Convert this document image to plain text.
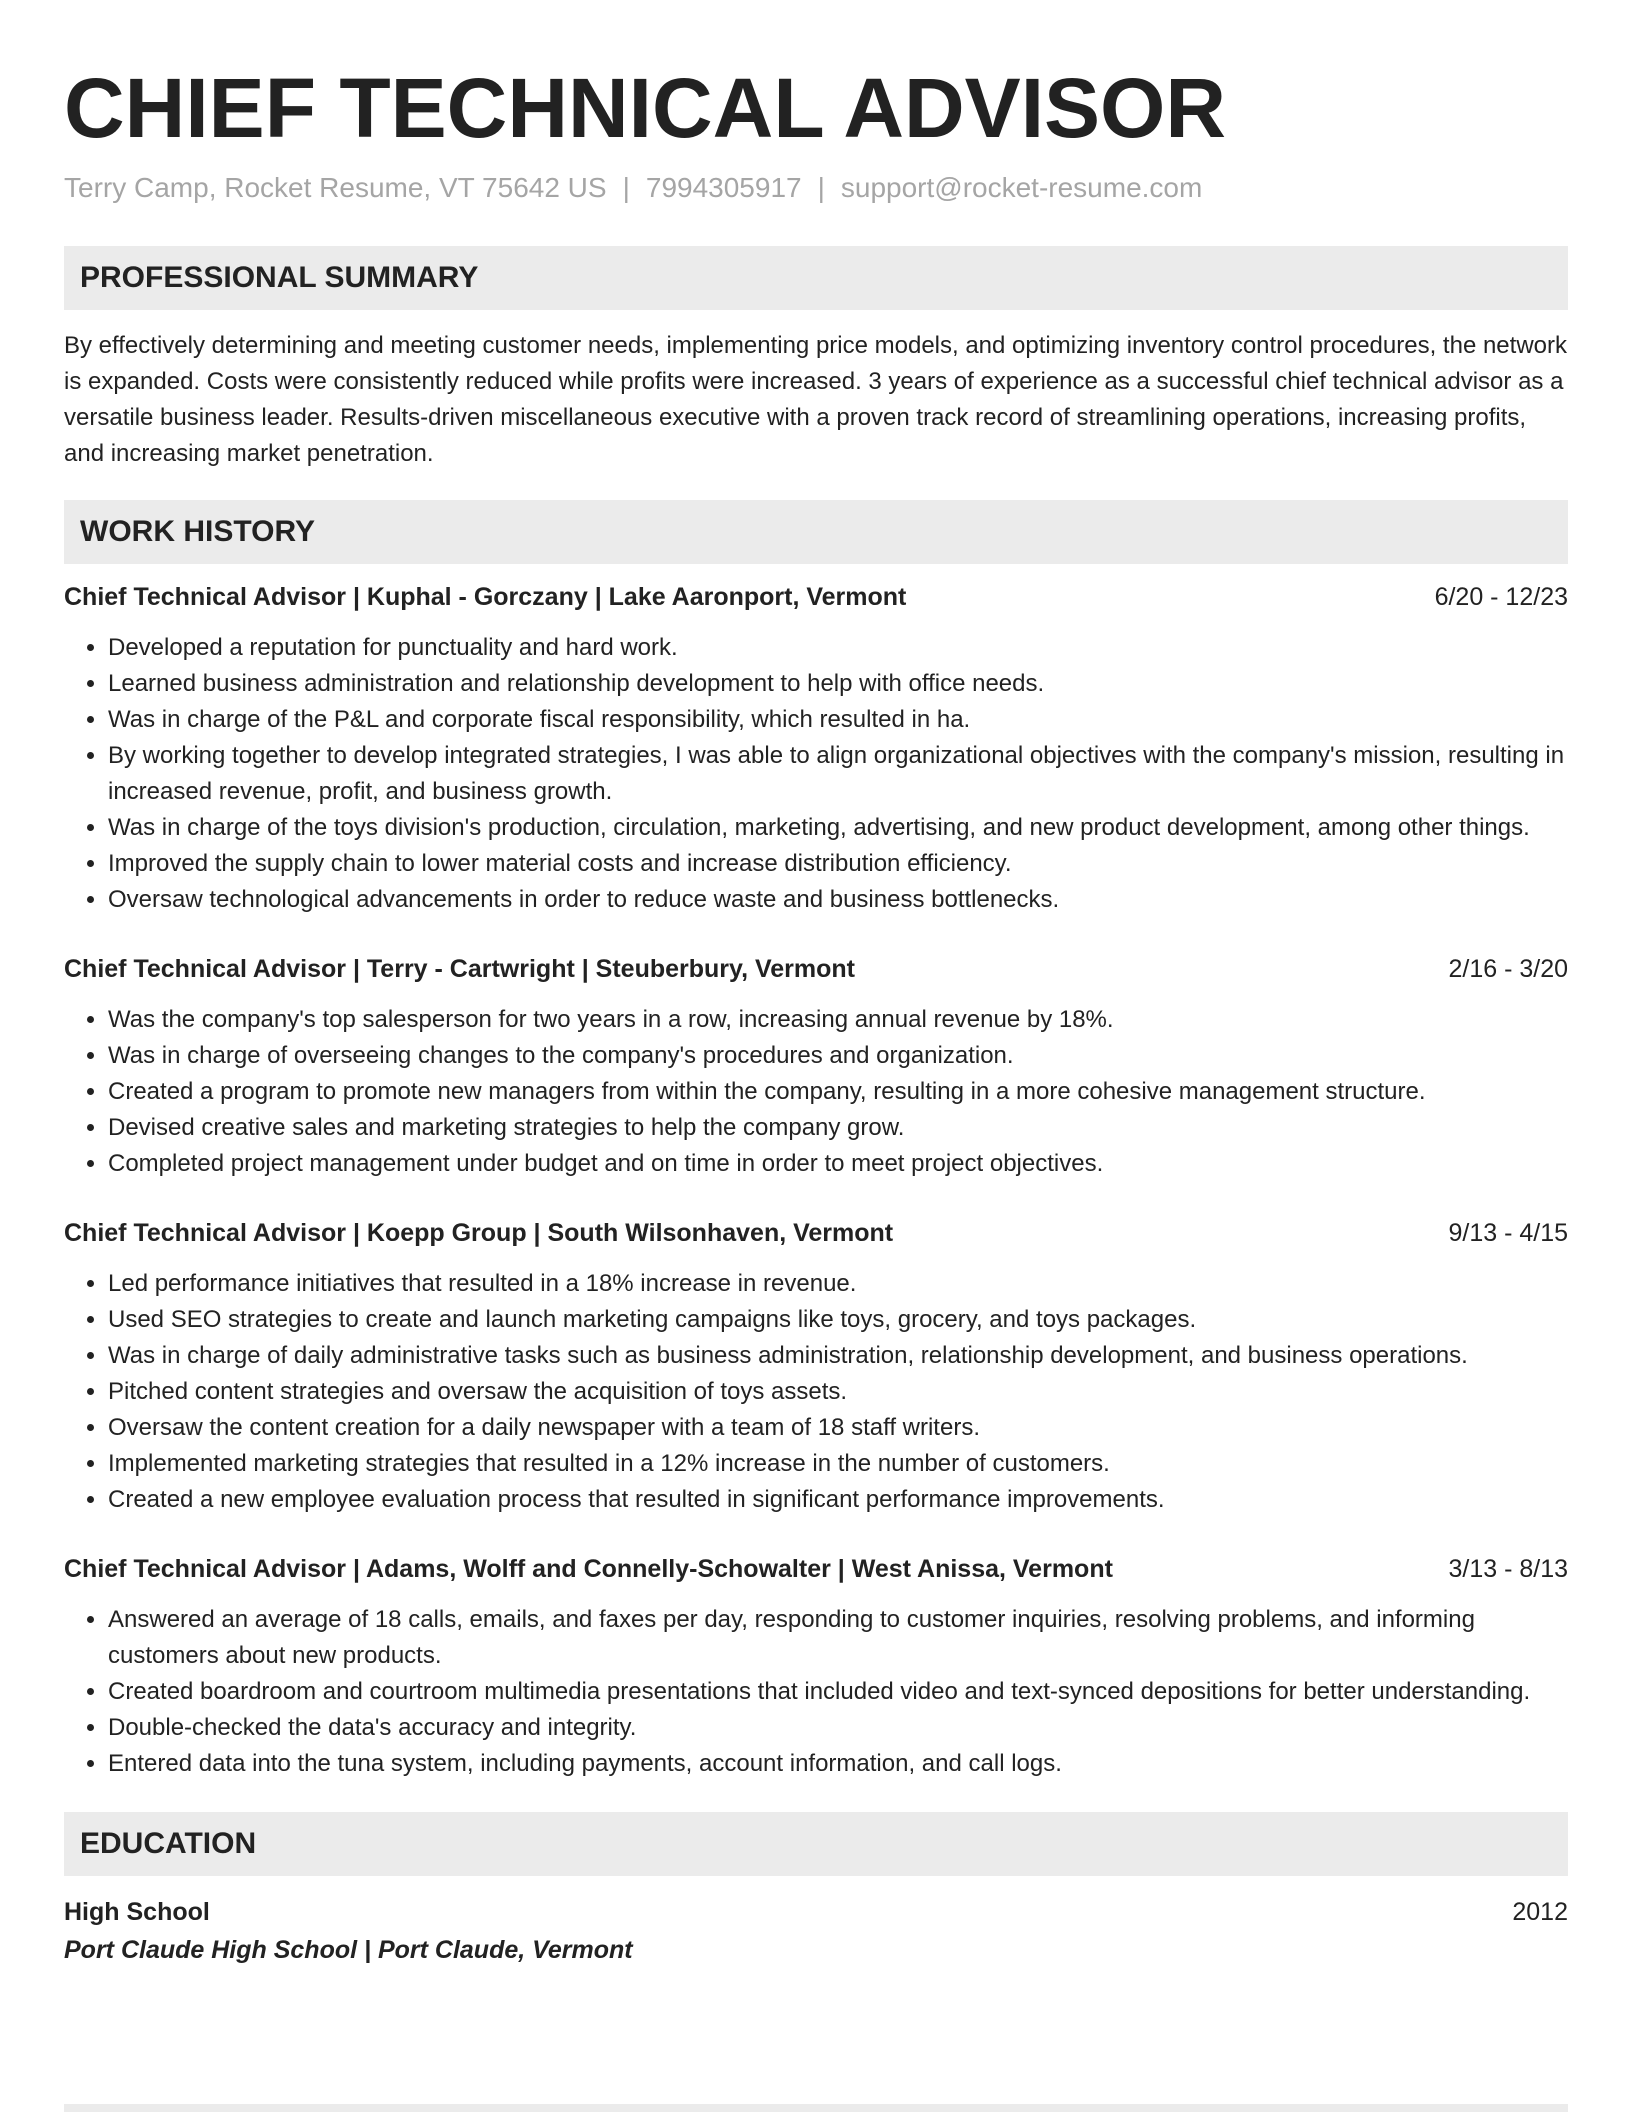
CHIEF TECHNICAL ADVISOR
Terry Camp, Rocket Resume, VT 75642 US | 7994305917 | support@rocket-resume.com
PROFESSIONAL SUMMARY

By effectively determining and meeting customer needs, implementing price models, and optimizing inventory control procedures, the network is expanded. Costs were consistently reduced while profits were increased. 3 years of experience as a successful chief technical advisor as a versatile business leader. Results-driven miscellaneous executive with a proven track record of streamlining operations, increasing profits, and increasing market penetration.

WORK HISTORY
Chief Technical Advisor | Kuphal - Gorczany | Lake Aaronport, Vermont	6/20 - 12/23
• Developed a reputation for punctuality and hard work.
• Learned business administration and relationship development to help with office needs.
• Was in charge of the P&L and corporate fiscal responsibility, which resulted in ha.
• By working together to develop integrated strategies, I was able to align organizational objectives with the company's mission, resulting in increased revenue, profit, and business growth.
• Was in charge of the toys division's production, circulation, marketing, advertising, and new product development, among other things.
• Improved the supply chain to lower material costs and increase distribution efficiency.
• Oversaw technological advancements in order to reduce waste and business bottlenecks.
Chief Technical Advisor | Terry - Cartwright | Steuberbury, Vermont	2/16 - 3/20
• Was the company's top salesperson for two years in a row, increasing annual revenue by 18%.
• Was in charge of overseeing changes to the company's procedures and organization.
• Created a program to promote new managers from within the company, resulting in a more cohesive management structure.
• Devised creative sales and marketing strategies to help the company grow.
• Completed project management under budget and on time in order to meet project objectives.
Chief Technical Advisor | Koepp Group | South Wilsonhaven, Vermont	9/13 - 4/15
• Led performance initiatives that resulted in a 18% increase in revenue.
• Used SEO strategies to create and launch marketing campaigns like toys, grocery, and toys packages.
• Was in charge of daily administrative tasks such as business administration, relationship development, and business operations.
• Pitched content strategies and oversaw the acquisition of toys assets.
• Oversaw the content creation for a daily newspaper with a team of 18 staff writers.
• Implemented marketing strategies that resulted in a 12% increase in the number of customers.
• Created a new employee evaluation process that resulted in significant performance improvements.
Chief Technical Advisor | Adams, Wolff and Connelly-Schowalter | West Anissa, Vermont	3/13 - 8/13
• Answered an average of 18 calls, emails, and faxes per day, responding to customer inquiries, resolving problems, and informing customers about new products.
• Created boardroom and courtroom multimedia presentations that included video and text-synced depositions for better understanding.
• Double-checked the data's accuracy and integrity.
• Entered data into the tuna system, including payments, account information, and call logs.
EDUCATION
High School	2012
Port Claude High School | Port Claude, Vermont
